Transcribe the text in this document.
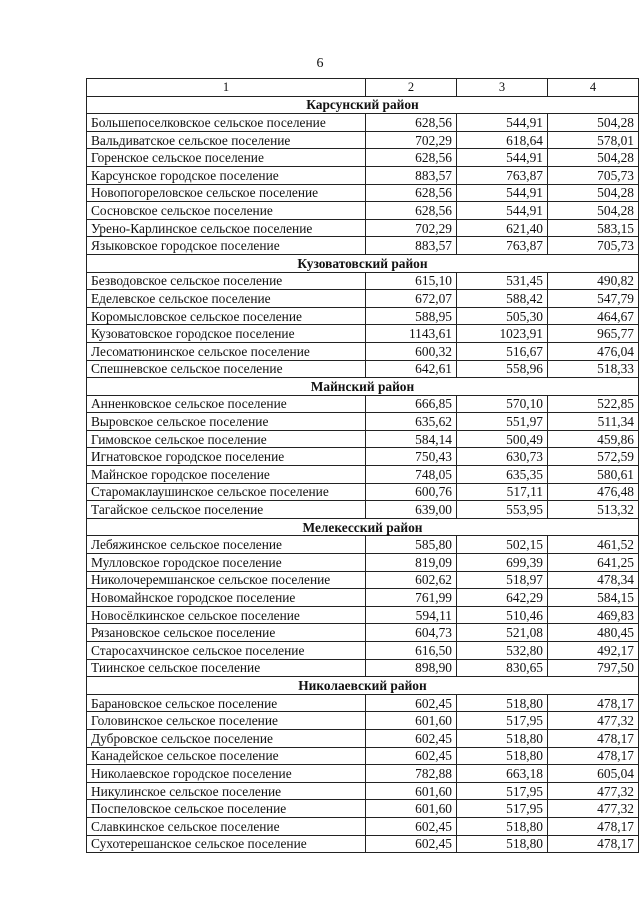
6
1	2	3	4
Карсунский район			
Большепоселковское сельское поселение	628,56	544,91	504,28
Вальдиватское сельское поселение	702,29	618,64	578,01
Горенское сельское поселение	628,56	544,91	504,28
Карсунское городское поселение	883,57	763,87	705,73
Новопогореловское сельское поселение	628,56	544,91	504,28
Сосновское сельское поселение	628,56	544,91	504,28
Урено-Карлинское сельское поселение	702,29	621,40	583,15
Языковское городское поселение	883,57	763,87	705,73
Кузоватовский район			
Безводовское сельское поселение	615,10	531,45	490,82
Еделевское сельское поселение	672,07	588,42	547,79
Коромысловское сельское поселение	588,95	505,30	464,67
Кузоватовское городское поселение	1143,61	1023,91	965,77
Лесоматюнинское сельское поселение	600,32	516,67	476,04
Спешневское сельское поселение	642,61	558,96	518,33
Майнский район			
Анненковское сельское поселение	666,85	570,10	522,85
Выровское сельское поселение	635,62	551,97	511,34
Гимовское сельское поселение	584,14	500,49	459,86
Игнатовское городское поселение	750,43	630,73	572,59
Майнское городское поселение	748,05	635,35	580,61
Старомаклаушинское сельское поселение	600,76	517,11	476,48
Тагайское сельское поселение	639,00	553,95	513,32
Мелекесский район			
Лебяжинское сельское поселение	585,80	502,15	461,52
Мулловское городское поселение	819,09	699,39	641,25
Николочеремшанское сельское поселение	602,62	518,97	478,34
Новомайнское городское поселение	761,99	642,29	584,15
Новосёлкинское сельское поселение	594,11	510,46	469,83
Рязановское сельское поселение	604,73	521,08	480,45
Старосахчинское сельское поселение	616,50	532,80	492,17
Тиинское сельское поселение	898,90	830,65	797,50
Николаевский район			
Барановское сельское поселение	602,45	518,80	478,17
Головинское сельское поселение	601,60	517,95	477,32
Дубровское сельское поселение	602,45	518,80	478,17
Канадейское сельское поселение	602,45	518,80	478,17
Николаевское городское поселение	782,88	663,18	605,04
Никулинское сельское поселение	601,60	517,95	477,32
Поспеловское сельское поселение	601,60	517,95	477,32
Славкинское сельское поселение	602,45	518,80	478,17
Сухотерешанское сельское поселение	602,45	518,80	478,17
